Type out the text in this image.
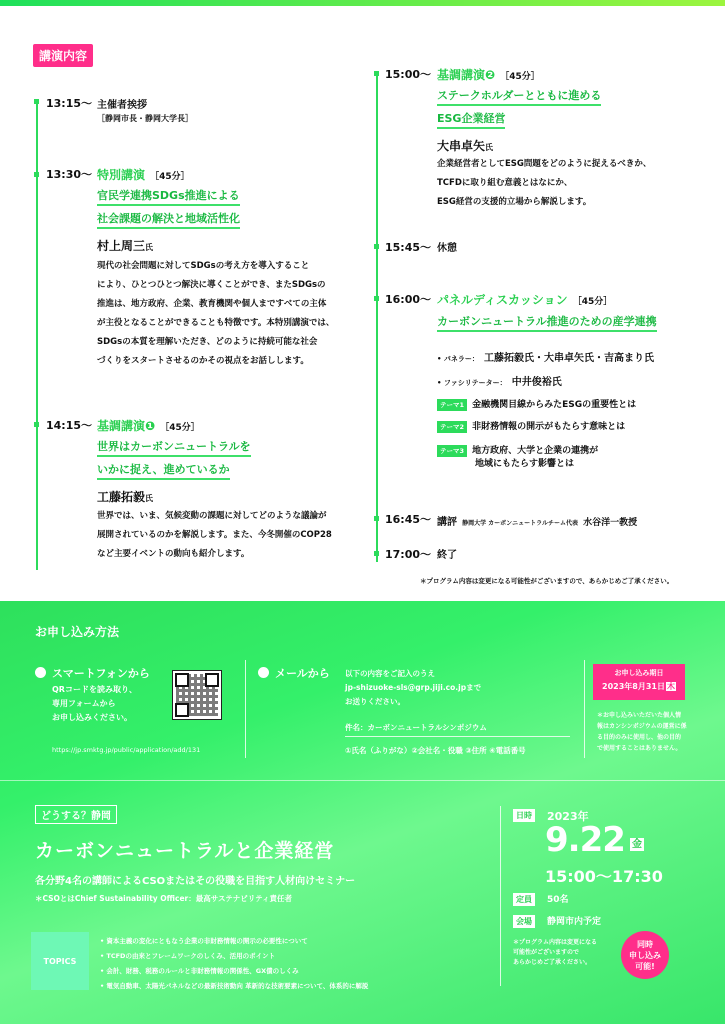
講演内容
13:15～ 主催者挨拶
［静岡市長・静岡大学長］
13:30～ 特別講演 ［45分］
官民学連携SDGs推進による
社会課題の解決と地域活性化
村上周三氏
現代の社会問題に対してSDGsの考え方を導入すること
により、ひとつひとつ解決に導くことができ、またSDGsの
推進は、地方政府、企業、教育機関や個人まですべての主体
が主役となることができることも特徴です。本特別講演では、
SDGsの本質を理解いただき、どのように持続可能な社会
づくりをスタートさせるのかその視点をお話しします。
14:15～ 基調講演❶ ［45分］
世界はカーボンニュートラルを
いかに捉え、進めているか
工藤拓毅氏
世界では、いま、気候変動の課題に対してどのような議論が
展開されているのかを解説します。また、今冬開催のCOP28
など主要イベントの動向も紹介します。
15:00～ 基調講演❷ ［45分］
ステークホルダーとともに進める
ESG企業経営
大串卓矢氏
企業経営者としてESG問題をどのように捉えるべきか、
TCFDに取り組む意義とはなにか、
ESG経営の支援的立場から解説します。
15:45～ 休憩
16:00～ パネルディスカッション ［45分］
カーボンニュートラル推進のための産学連携
• パネラー： 工藤拓毅氏・大串卓矢氏・吉高まり氏
• ファシリテーター： 中井俊裕氏
テーマ1 金融機関目線からみたESGの重要性とは
テーマ2 非財務情報の開示がもたらす意味とは
テーマ3 地方政府、大学と企業の連携が
地域にもたらす影響とは
16:45～ 講評 静岡大学 カーボンニュートラルチーム代表 水谷洋一教授
17:00～ 終了
＊プログラム内容は変更になる可能性がございますので、あらかじめご了承ください。
お申し込み方法
スマートフォンから
QRコードを読み取り、
専用フォームから
お申し込みください。
https://jp.smktg.jp/public/application/add/131
メールから 以下の内容をご記入のうえ
jp-shizuoke-sls@grp.jiji.co.jpまで
お送りください。
件名：カーボンニュートラルシンポジウム
①氏名（ふりがな）②会社名・役職 ③住所 ④電話番号
お申し込み期日
2023年8月31日 木
＊お申し込みいただいた個人情
報はカンシンポジウムの運営に係
る目的のみに使用し、他の目的
で使用することはありません。
どうする？静岡
カーボンニュートラルと企業経営
各分野4名の講師によるCSOまたはその役職を目指す人材向けセミナー
＊CSOとはChief Sustainability Officer：最高サステナビリティ責任者
日時 2023年
9.22 $^金$
15:00～17:30
定員	50名
会場	静岡市内予定
＊プログラム内容は変更になる
可能性がございますので
あらかじめご了承ください。
同時
申し込み
可能!
TOPICS
• 資本主義の変化にともなう企業の非財務情報の開示の必要性について
• TCFDの由来とフレームワークのしくみ、活用のポイント
• 会計、財務、税務のルールと非財務情報の関係性、GX債のしくみ
• 電気自動車、太陽光パネルなどの最新技術動向 革新的な技術要素について、体系的に解説
